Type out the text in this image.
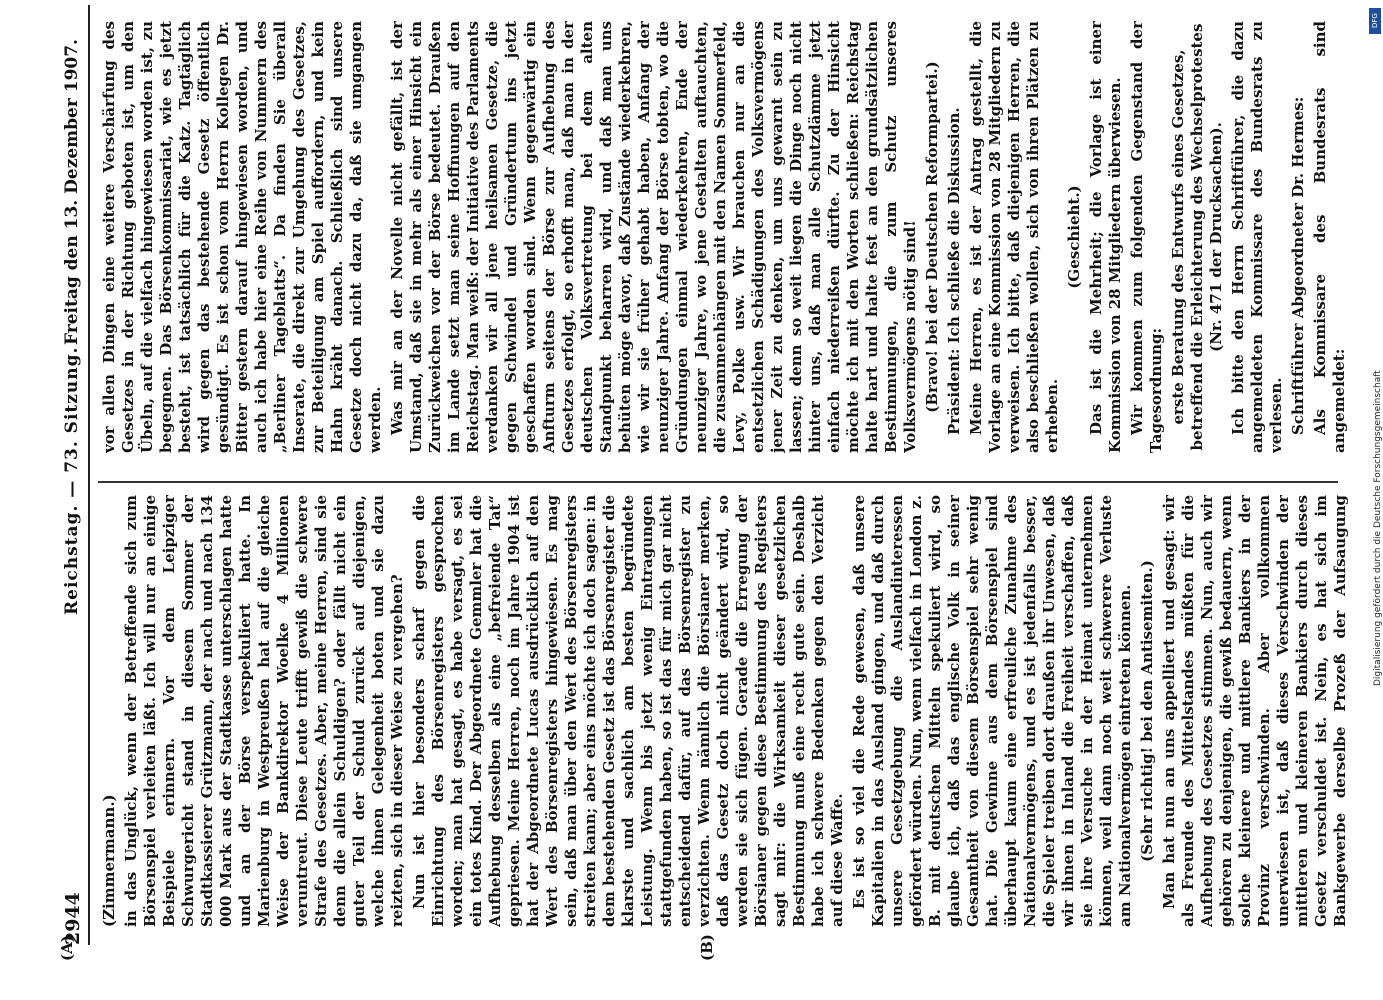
2944
Reichstag. — 73. Sitzung.
Freitag den 13. Dezember 1907.
(A)	(B)

(Zimmermann.) in das Unglück, wenn der Betreffende sich zum Börsenspiel verleiten läßt. Ich will nur an einige Beispiele erinnern. Vor dem Leipziger Schwurgericht stand in diesem Sommer der Stadtkassierer Grützmann, der nach und nach 134 000 Mark aus der Stadtkasse unterschlagen hatte und an der Börse verspekuliert hatte. In Marienburg in Westpreußen hat auf die gleiche Weise der Bankdirektor Woelke 4 Millionen veruntreut. Diese Leute trifft gewiß die schwere Strafe des Gesetzes. Aber, meine Herren, sind sie denn die allein Schuldigen? oder fällt nicht ein guter Teil der Schuld zurück auf diejenigen, welche ihnen Gelegenheit boten und sie dazu reizten, sich in dieser Weise zu vergehen? Nun ist hier besonders scharf gegen die Einrichtung des Börsenregisters gesprochen worden; man hat gesagt, es habe versagt, es sei ein totes Kind. Der Abgeordnete Gemmler hat die Aufhebung desselben als eine „befreiende Tat“ gepriesen. Meine Herren, noch im Jahre 1904 ist hat der Abgeordnete Lucas ausdrücklich auf den Wert des Börsenregisters hingewiesen. Es mag sein, daß man über den Wert des Börsenregisters streiten kann; aber eins möchte ich doch sagen: in dem bestehenden Gesetz ist das Börsenregister die klarste und sachlich am besten begründete Leistung. Wenn bis jetzt wenig Eintragungen stattgefunden haben, so ist das für mich gar nicht entscheidend dafür, auf das Börsenregister zu verzichten. Wenn nämlich die Börsianer merken, daß das Gesetz doch nicht geändert wird, so werden sie sich fügen. Gerade die Erregung der Börsianer gegen diese Bestimmung des Registers sagt mir: die Wirksamkeit dieser gesetzlichen Bestimmung muß eine recht gute sein. Deshalb habe ich schwere Bedenken gegen den Verzicht auf diese Waffe. Es ist so viel die Rede gewesen, daß unsere Kapitalien in das Ausland gingen, und daß durch unsere Gesetzgebung die Auslandinteressen gefördert würden. Nun, wenn vielfach in London z. B. mit deutschen Mitteln spekuliert wird, so glaube ich, daß das englische Volk in seiner Gesamtheit von diesem Börsenspiel sehr wenig hat. Die Gewinne aus dem Börsenspiel sind überhaupt kaum eine erfreuliche Zunahme des Nationalvermögens, und es ist jedenfalls besser, die Spieler treiben dort draußen ihr Unwesen, daß wir ihnen in Inland die Freiheit verschaffen, daß sie ihre Versuche in der Heimat unternehmen können, weil dann noch weit schwerere Verluste am Nationalvermögen eintreten können. (Sehr richtig! bei den Antisemiten.)

Man hat nun an uns appelliert und gesagt: wir als Freunde des Mittelstandes müßten für die Aufhebung des Gesetzes stimmen. Nun, auch wir gehören zu denjenigen, die gewiß bedauern, wenn solche kleinere und mittlere Bankiers in der Provinz verschwinden. Aber vollkommen unerwiesen ist, daß dieses Verschwinden der mittleren und kleineren Bankiers durch dieses Gesetz verschuldet ist. Nein, es hat sich im Bankgewerbe derselbe Prozeß der Aufsaugung

vor allen Dingen eine weitere Verschärfung des Gesetzes in der Richtung geboten ist, um den Übeln, auf die vielfach hingewiesen worden ist, zu begegnen. Das Börsenkommissariat, wie es jetzt besteht, ist tatsächlich für die Katz. Tagtäglich wird gegen das bestehende Gesetz öffentlich gesündigt. Es ist schon vom Herrn Kollegen Dr. Bitter gestern darauf hingewiesen worden, und auch ich habe hier eine Reihe von Nummern des „Berliner Tageblatts“. Da finden Sie überall Inserate, die direkt zur Umgehung des Gesetzes, zur Beteiligung am Spiel auffordern, und kein Hahn kräht danach. Schließlich sind unsere Gesetze doch nicht dazu da, daß sie umgangen werden. Was mir an der Novelle nicht gefällt, ist der Umstand, daß sie in mehr als einer Hinsicht ein Zurückweichen vor der Börse bedeutet. Draußen im Lande setzt man seine Hoffnungen auf den Reichstag. Man weiß: der Initiative des Parlaments verdanken wir all jene heilsamen Gesetze, die gegen Schwindel und Gründertum ins jetzt geschaffen worden sind. Wenn gegenwärtig ein Anfturm seitens der Börse zur Aufhebung des Gesetzes erfolgt, so erhofft man, daß man in der deutschen Volksvertretung bei dem alten Standpunkt beharren wird, und daß man uns behüten möge davor, daß Zustände wiederkehren, wie wir sie früher gehabt haben, Anfang der neunziger Jahre. Anfang der Börse tobten, wo die Gründungen einmal wiederkehren, Ende der neunziger Jahre, wo jene Gestalten auftauchten, die zusammenhängen mit den Namen Sommerfeld, Levy, Polke usw. Wir brauchen nur an die entsetzlichen Schädigungen des Volksvermögens jener Zeit zu denken, um uns gewarnt sein zu lassen; denn so weit liegen die Dinge noch nicht hinter uns, daß man alle Schutzdämme jetzt einfach niederreißen dürfte. Zu der Hinsicht möchte ich mit den Worten schließen: Reichstag halte hart und halte fest an den grundsätzlichen Bestimmungen, die zum Schutz unseres Volksvermögens nötig sind! (Bravo! bei der Deutschen Reformpartei.) Präsident: Ich schließe die Diskussion. Meine Herren, es ist der Antrag gestellt, die Vorlage an eine Kommission von 28 Mitgliedern zu verweisen. Ich bitte, daß diejenigen Herren, die also beschließen wollen, sich von ihren Plätzen zu erheben.

(Geschieht.) Das ist die Mehrheit; die Vorlage ist einer Kommission von 28 Mitgliedern überwiesen. Wir kommen zum folgenden Gegenstand der Tagesordnung: erste Beratung des Entwurfs eines Gesetzes, betreffend die Erleichterung des Wechselprotestes (Nr. 471 der Drucksachen). Ich bitte den Herrn Schriftführer, die dazu angemeldeten Kommissare des Bundesrats zu verlesen. Schriftführer Abgeordneter Dr. Hermes: Als Kommissare des Bundesrats sind angemeldet:

DFG
Digitalisierung gefördert durch die Deutsche Forschungsgemeinschaft
